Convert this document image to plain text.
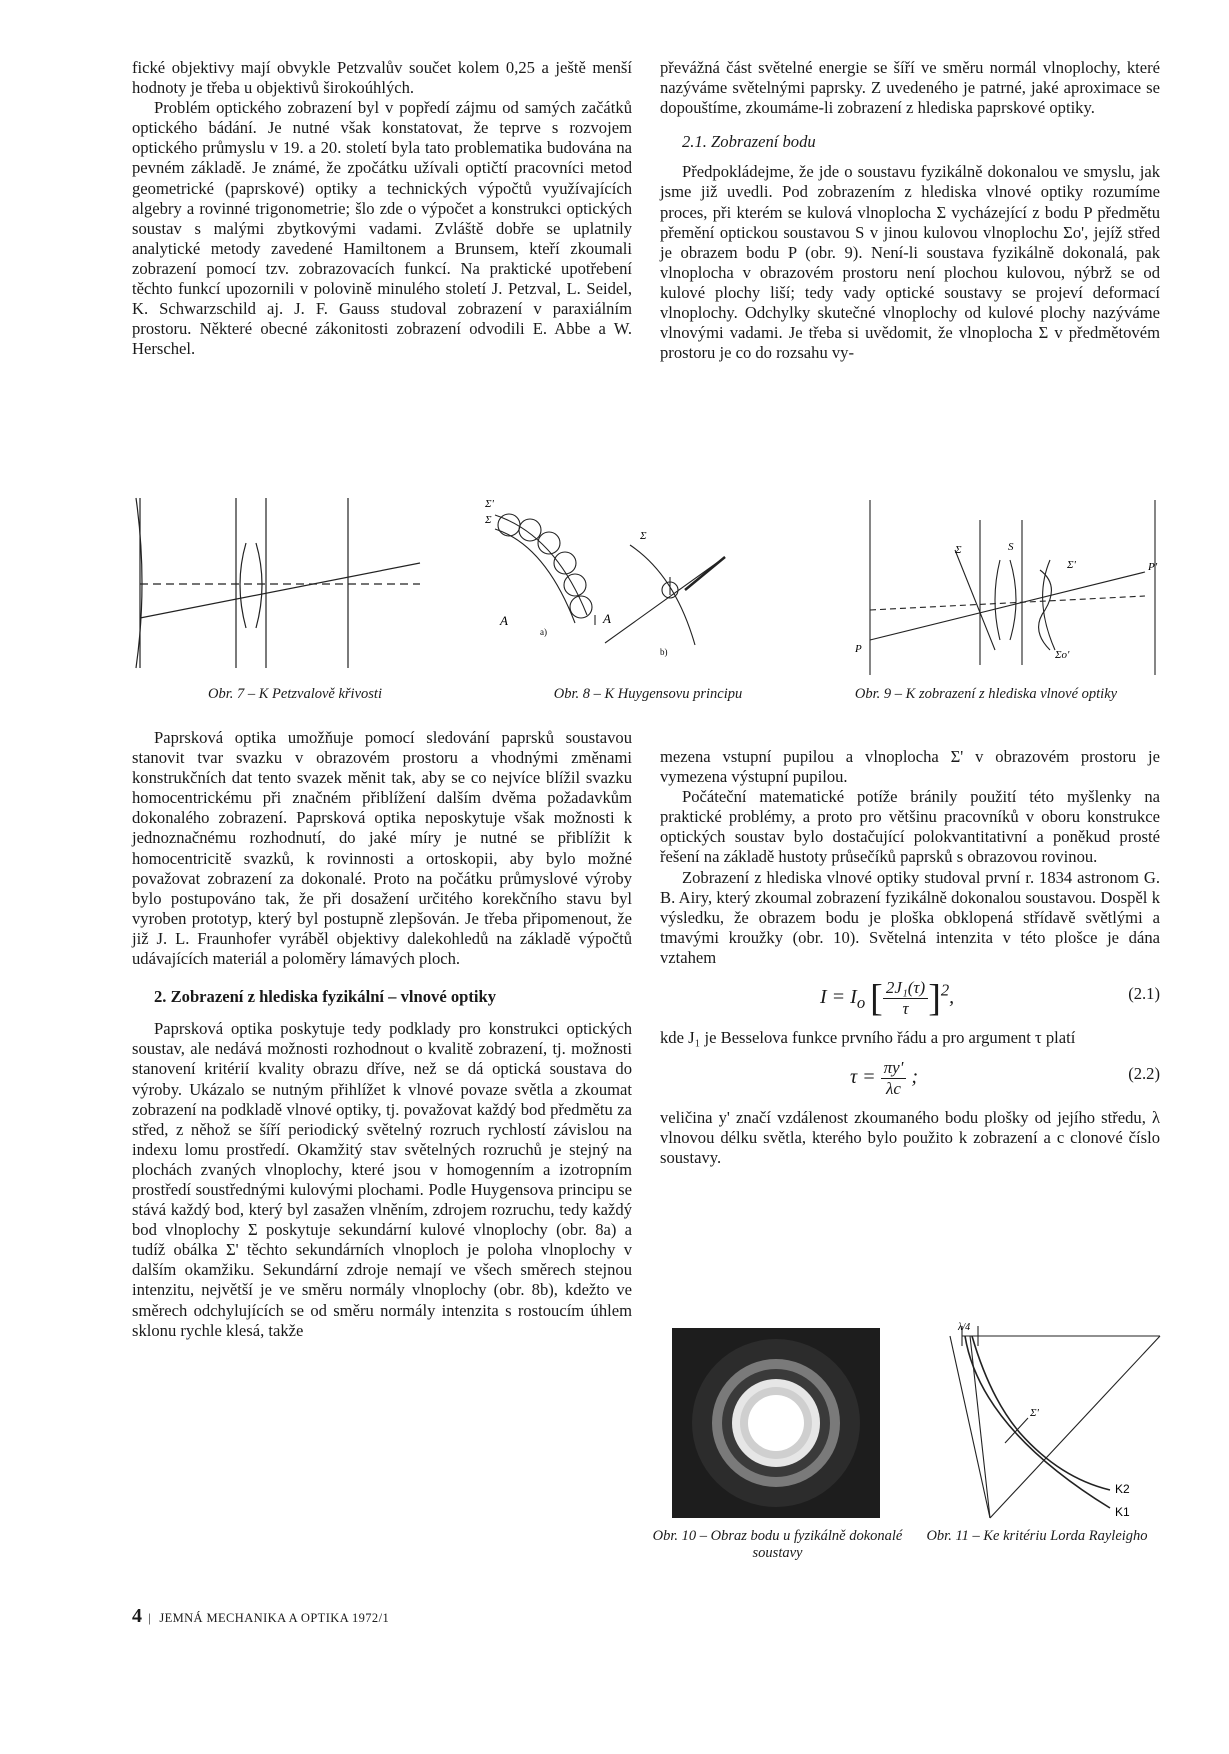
fické objektivy mají obvykle Petzvalův součet kolem 0,25 a ještě menší hodnoty je třeba u objektivů širokoúhlých.

Problém optického zobrazení byl v popředí zájmu od samých začátků optického bádání. Je nutné však konstatovat, že teprve s rozvojem optického průmyslu v 19. a 20. století byla tato problematika budována na pevném základě. Je známé, že zpočátku užívali optičtí pracovníci metod geometrické (paprskové) optiky a technických výpočtů využívajících algebry a rovinné trigonometrie; šlo zde o výpočet a konstrukci optických soustav s malými zbytkovými vadami. Zvláště dobře se uplatnily analytické metody zavedené Hamiltonem a Brunsem, kteří zkoumali zobrazení pomocí tzv. zobrazovacích funkcí. Na praktické upotřebení těchto funkcí upozornili v polovině minulého století J. Petzval, L. Seidel, K. Schwarzschild aj. J. F. Gauss studoval zobrazení v paraxiálním prostoru. Některé obecné zákonitosti zobrazení odvodili E. Abbe a W. Herschel.

převážná část světelné energie se šíří ve směru normál vlnoplochy, které nazýváme světelnými paprsky. Z uvedeného je patrné, jaké aproximace se dopouštíme, zkoumáme-li zobrazení z hlediska paprskové optiky.

2.1. Zobrazení bodu

Předpokládejme, že jde o soustavu fyzikálně dokonalou ve smyslu, jak jsme již uvedli. Pod zobrazením z hlediska vlnové optiky rozumíme proces, při kterém se kulová vlnoplocha Σ vycházející z bodu P předmětu přemění optickou soustavou S v jinou kulovou vlnoplochu Σo', jejíž střed je obrazem bodu P (obr. 9). Není-li soustava fyzikálně dokonalá, pak vlnoplocha v obrazovém prostoru není plochou kulovou, nýbrž se od kulové plochy liší; tedy vady optické soustavy se projeví deformací vlnoplochy. Odchylky skutečné vlnoplochy od kulové plochy nazýváme vlnovými vadami. Je třeba si uvědomit, že vlnoplocha Σ v předmětovém prostoru je co do rozsahu vy-

Obr. 7 – K Petzvalově křivosti
Σ'
Σ
Σ
A	A
a)
b)
Obr. 8 – K Huygensovu principu
Σ	S
Σ'
P
P'
Σo'
Obr. 9 – K zobrazení z hlediska vlnové optiky

Paprsková optika umožňuje pomocí sledování paprsků soustavou stanovit tvar svazku v obrazovém prostoru a vhodnými změnami konstrukčních dat tento svazek měnit tak, aby se co nejvíce blížil svazku homocentrickému při značném přiblížení dalším dvěma požadavkům dokonalého zobrazení. Paprsková optika neposkytuje však možnosti k jednoznačnému rozhodnutí, do jaké míry je nutné se přiblížit k homocentricitě svazků, k rovinnosti a ortoskopii, aby bylo možné považovat zobrazení za dokonalé. Proto na počátku průmyslové výroby bylo postupováno tak, že při dosažení určitého korekčního stavu byl vyroben prototyp, který byl postupně zlepšován. Je třeba připomenout, že již J. L. Fraunhofer vyráběl objektivy dalekohledů na základě výpočtů udávajících materiál a poloměry lámavých ploch.

2. Zobrazení z hlediska fyzikální – vlnové optiky

Paprsková optika poskytuje tedy podklady pro konstrukci optických soustav, ale nedává možnosti rozhodnout o kvalitě zobrazení, tj. možnosti stanovení kritérií kvality obrazu dříve, než se dá optická soustava do výroby. Ukázalo se nutným přihlížet k vlnové povaze světla a zkoumat zobrazení na podkladě vlnové optiky, tj. považovat každý bod předmětu za střed, z něhož se šíří periodický světelný rozruch rychlostí závislou na indexu lomu prostředí. Okamžitý stav světelných rozruchů je stejný na plochách zvaných vlnoplochy, které jsou v homogenním a izotropním prostředí soustřednými kulovými plochami. Podle Huygensova principu se stává každý bod, který byl zasažen vlněním, zdrojem rozruchu, tedy každý bod vlnoplochy Σ poskytuje sekundární kulové vlnoplochy (obr. 8a) a tudíž obálka Σ' těchto sekundárních vlnoploch je poloha vlnoplochy v dalším okamžiku. Sekundární zdroje nemají ve všech směrech stejnou intenzitu, největší je ve směru normály vlnoplochy (obr. 8b), kdežto ve směrech odchylujících se od směru normály intenzita s rostoucím úhlem sklonu rychle klesá, takže

mezena vstupní pupilou a vlnoplocha Σ' v obrazovém prostoru je vymezena výstupní pupilou.

Počáteční matematické potíže bránily použití této myšlenky na praktické problémy, a proto pro většinu pracovníků v oboru konstrukce optických soustav bylo dostačující polokvantitativní a poněkud prosté řešení na základě hustoty průsečíků paprsků s obrazovou rovinou.

Zobrazení z hlediska vlnové optiky studoval první r. 1834 astronom G. B. Airy, který zkoumal zobrazení fyzikálně dokonalou soustavou. Dospěl k výsledku, že obrazem bodu je ploška obklopená střídavě světlými a tmavými kroužky (obr. 10). Světelná intenzita v této plošce je dána vztahem

$I = I_o$ [ $\frac{\text{2J₁(τ)}}{\tau} ]^2$,	(2.1)

kde J₁ je Besselova funkce prvního řádu a pro argument τ platí

$\tau = \frac{\pi y'}{\lambda c}$ ;	(2.2)

veličina y' značí vzdálenost zkoumaného bodu plošky od jejího středu, λ vlnovou délku světla, kterého bylo použito k zobrazení a c clonové číslo soustavy.

Obr. 10 – Obraz bodu u fyzikálně dokonalé soustavy
λ/4
Σ'
K2
K1
Obr. 11 – Ke kritériu Lorda Rayleigho
4 | JEMNÁ MECHANIKA A OPTIKA 1972/1
